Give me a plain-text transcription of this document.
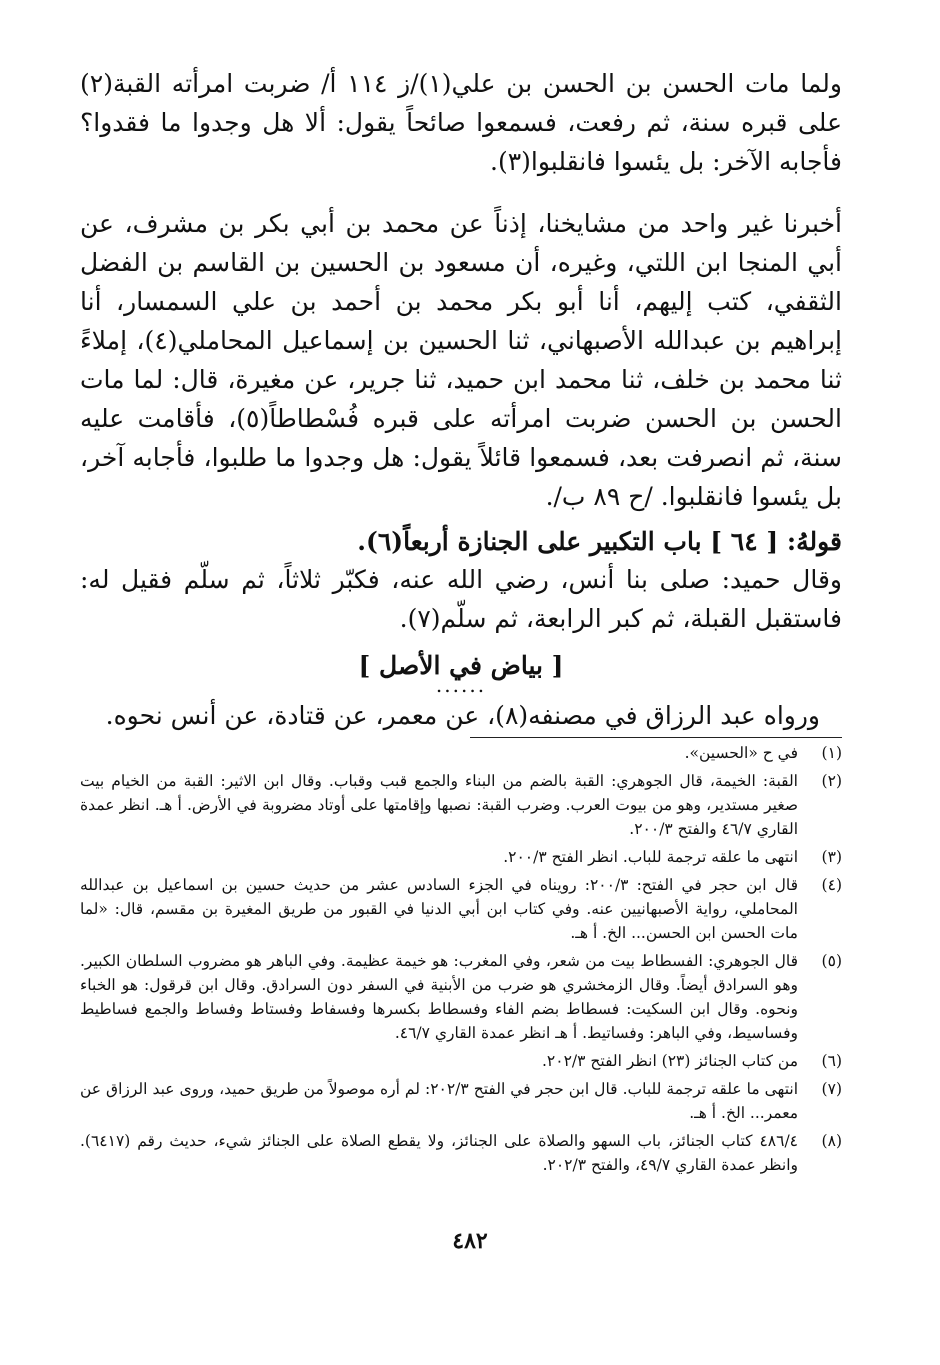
ولما مات الحسن بن الحسن بن علي(١)/ز ١١٤ أ/ ضربت امرأته القبة(٢) على قبره سنة، ثم رفعت، فسمعوا صائحاً يقول: ألا هل وجدوا ما فقدوا؟ فأجابه الآخر: بل يئسوا فانقلبوا(٣).

أخبرنا غير واحد من مشايخنا، إذناً عن محمد بن أبي بكر بن مشرف، عن أبي المنجا ابن اللتي، وغيره، أن مسعود بن الحسين بن القاسم بن الفضل الثقفي، كتب إليهم، أنا أبو بكر محمد بن أحمد بن علي السمسار، أنا إبراهيم بن عبدالله الأصبهاني، ثنا الحسين بن إسماعيل المحاملي(٤)، إملاءً ثنا محمد بن خلف، ثنا محمد ابن حميد، ثنا جرير، عن مغيرة، قال: لما مات الحسن بن الحسن ضربت امرأته على قبره فُسْطاطاً(٥)، فأقامت عليه سنة، ثم انصرفت بعد، فسمعوا قائلاً يقول: هل وجدوا ما طلبوا، فأجابه آخر، بل يئسوا فانقلبوا. /ح ٨٩ ب/.

قولهُ: [ ٦٤ ] باب التكبير على الجنازة أربعاً(٦).

وقال حميد: صلى بنا أنس، رضي الله عنه، فكبّر ثلاثاً، ثم سلّم فقيل له: فاستقبل القبلة، ثم كبر الرابعة، ثم سلّم(٧).

[ بياض في الأصل ]
......

ورواه عبد الرزاق في مصنفه(٨)، عن معمر، عن قتادة، عن أنس نحوه.

(١)
في ح «الحسين».
(٢)
القبة: الخيمة، قال الجوهري: القبة بالضم من البناء والجمع قبب وقباب. وقال ابن الاثير: القبة من الخيام بيت صغير مستدير، وهو من بيوت العرب. وضرب القبة: نصبها وإقامتها على أوتاد مضروبة في الأرض. أ هـ. انظر عمدة القاري ٤٦/٧ والفتح ٢٠٠/٣.
(٣)
انتهى ما علقه ترجمة للباب. انظر الفتح ٢٠٠/٣.
(٤)
قال ابن حجر في الفتح: ٢٠٠/٣: رويناه في الجزء السادس عشر من حديث حسين بن اسماعيل بن عبدالله المحاملي، رواية الأصبهانيين عنه. وفي كتاب ابن أبي الدنيا في القبور من طريق المغيرة بن مقسم، قال: «لما مات الحسن ابن الحسن... الخ. أ هـ.
(٥)
قال الجوهري: الفسطاط بيت من شعر، وفي المغرب: هو خيمة عظيمة. وفي الباهر هو مضروب السلطان الكبير. وهو السرادق أيضاً. وقال الزمخشري هو ضرب من الأبنية في السفر دون السرادق. وقال ابن قرقول: هو الخباء ونحوه. وقال ابن السكيت: فسطاط بضم الفاء وفسطاط بكسرها وفسفاط وفستاط وفساط والجمع فساطيط وفساسيط، وفي الباهر: وفساتيط. أ هـ انظر عمدة القاري ٤٦/٧.
(٦)
من كتاب الجنائز (٢٣) انظر الفتح ٢٠٢/٣.
(٧)
انتهى ما علقه ترجمة للباب. قال ابن حجر في الفتح ٢٠٢/٣: لم أره موصولاً من طريق حميد، وروى عبد الرزاق عن معمر... الخ. أ هـ.
(٨)
٤٨٦/٤ كتاب الجنائز، باب السهو والصلاة على الجنائز، ولا يقطع الصلاة على الجنائز شيء، حديث رقم (٦٤١٧). وانظر عمدة القاري ٤٩/٧، والفتح ٢٠٢/٣.
٤٨٢
